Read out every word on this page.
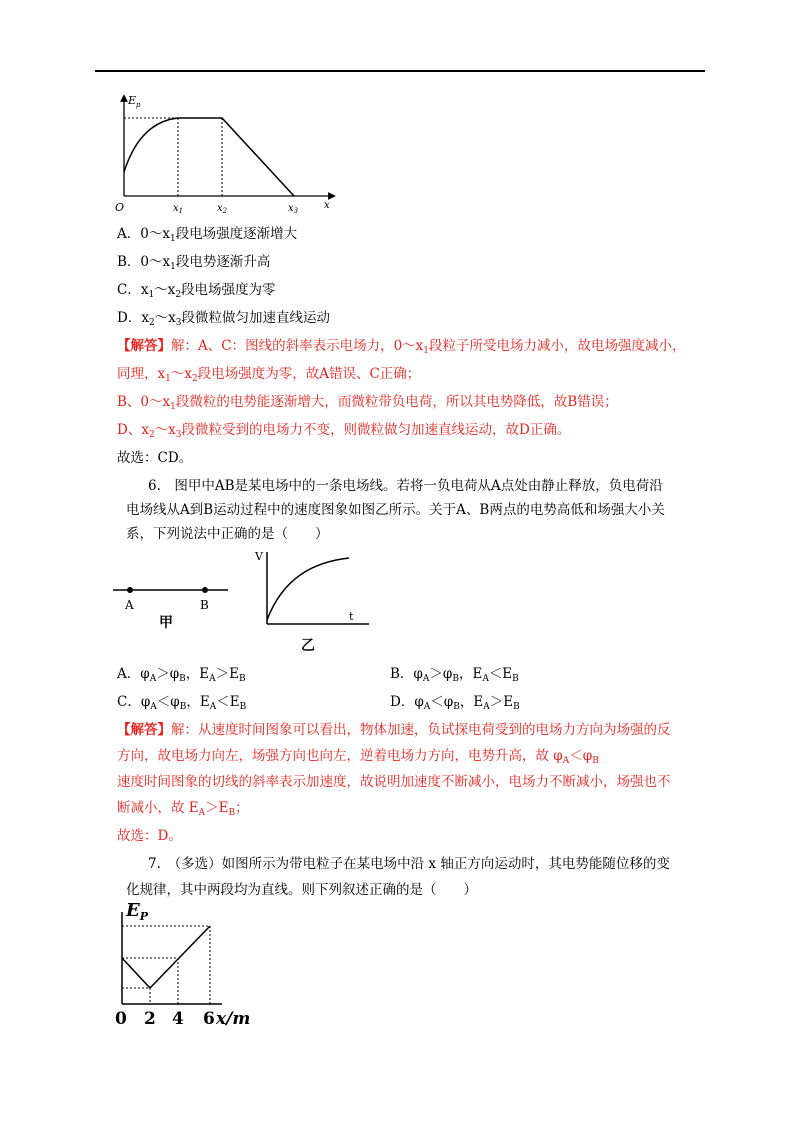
$E_p$
O	$x_1$	$x_2$	$x_3$	x
A．$0\sim x_1$段电场强度逐渐增大
B．$0\sim x_1$段电势逐渐升高
C．$x_1\sim x_2$段电场强度为零
D．$x_2\sim x_3$段微粒做匀加速直线运动
【解答】解：A、C：图线的斜率表示电场力，$0\sim x_1$段粒子所受电场力减小，故电场强度减小，
同理，$x_1\sim x_2$段电场强度为零，故A错误、C正确；
B、$0\sim x_1$段微粒的电势能逐渐增大，而微粒带负电荷，所以其电势降低，故B错误；
D、$x_2\sim x_3$段微粒受到的电场力不变，则微粒做匀加速直线运动，故D正确。
故选：CD。
6.　图甲中AB是某电场中的一条电场线。若将一负电荷从A点处由静止释放，负电荷沿
电场线从A到B运动过程中的速度图象如图乙所示。关于A、B两点的电势高低和场强大小关
系，下列说法中正确的是（　　）
A	B
甲
V
t
乙
A．$\varphi_A>\varphi_B$，$E_A>E_B$	B．$\varphi_A>\varphi_B$，$E_A<E_B$
C．$\varphi_A<\varphi_B$，$E_A<E_B$	D．$\varphi_A<\varphi_B$，$E_A>E_B$
【解答】解：从速度时间图象可以看出，物体加速，负试探电荷受到的电场力方向为场强的反
方向，故电场力向左，场强方向也向左，逆着电场力方向，电势升高，故 $\varphi_A<\varphi_B$
速度时间图象的切线的斜率表示加速度，故说明加速度不断减小，电场力不断减小，场强也不
断减小，故 $E_A>E_B$；
故选：D。
7.　（多选）如图所示为带电粒子在某电场中沿 x 轴正方向运动时，其电势能随位移的变
化规律，其中两段均为直线。则下列叙述正确的是（　　）
$E_P$
0 2 4 6 x/m
